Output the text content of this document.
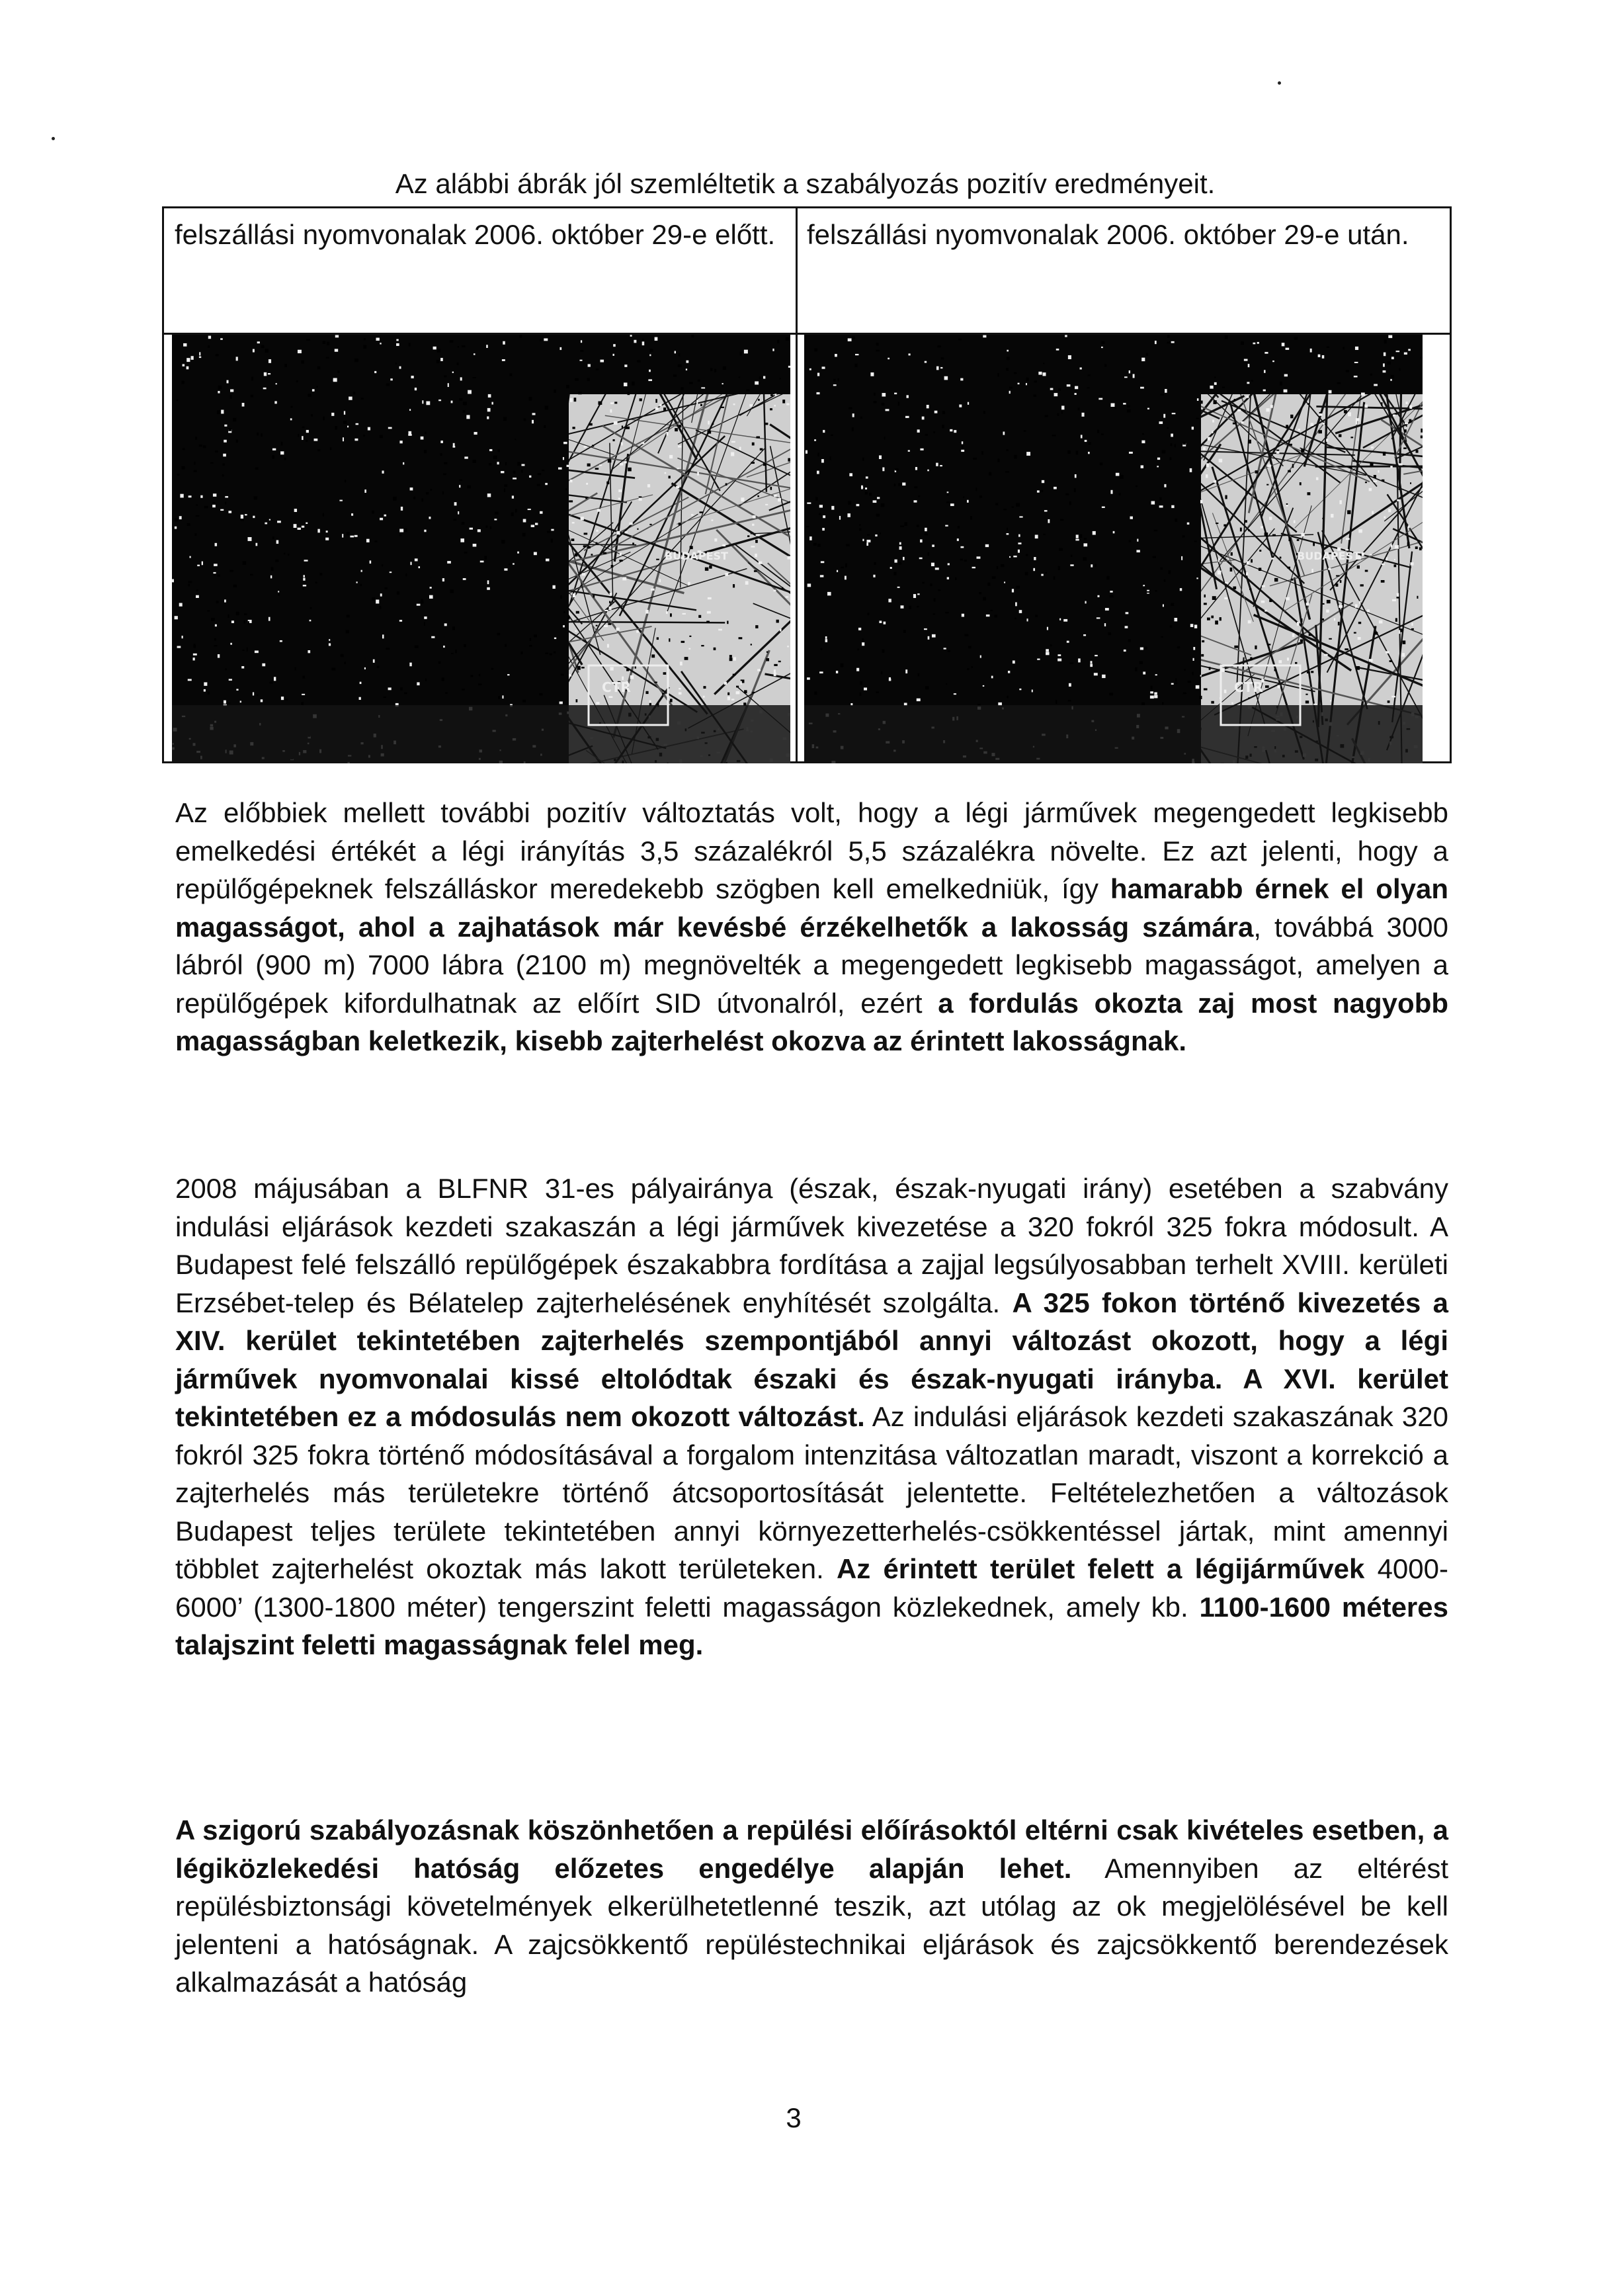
Az alábbi ábrák jól szemléltetik a szabályozás pozitív eredményeit.
felszállási nyomvonalak 2006. október 29-e előtt.	felszállási nyomvonalak 2006. október 29-e után.
CTR
BUDAPEST
CTR
BUDAPEST
Az előbbiek mellett további pozitív változtatás volt, hogy a légi járművek megengedett legkisebb emelkedési értékét a légi irányítás 3,5 százalékról 5,5 százalékra növelte. Ez azt jelenti, hogy a repülőgépeknek felszálláskor meredekebb szögben kell emelkedniük, így hamarabb érnek el olyan magasságot, ahol a zajhatások már kevésbé érzékelhetők a lakosság számára, továbbá 3000 lábról (900 m) 7000 lábra (2100 m) megnövelték a megengedett legkisebb magasságot, amelyen a repülőgépek kifordulhatnak az előírt SID útvonalról, ezért a fordulás okozta zaj most nagyobb magasságban keletkezik, kisebb zajterhelést okozva az érintett lakosságnak.
2008 májusában a BLFNR 31-es pályairánya (észak, észak-nyugati irány) esetében a szabvány indulási eljárások kezdeti szakaszán a légi járművek kivezetése a 320 fokról 325 fokra módosult. A Budapest felé felszálló repülőgépek északabbra fordítása a zajjal legsúlyosabban terhelt XVIII. kerületi Erzsébet-telep és Bélatelep zajterhelésének enyhítését szolgálta. A 325 fokon történő kivezetés a XIV. kerület tekintetében zajterhelés szempontjából annyi változást okozott, hogy a légi járművek nyomvonalai kissé eltolódtak északi és észak-nyugati irányba. A XVI. kerület tekintetében ez a módosulás nem okozott változást. Az indulási eljárások kezdeti szakaszának 320 fokról 325 fokra történő módosításával a forgalom intenzitása változatlan maradt, viszont a korrekció a zajterhelés más területekre történő átcsoportosítását jelentette. Feltételezhetően a változások Budapest teljes területe tekintetében annyi környezetterhelés-csökkentéssel jártak, mint amennyi többlet zajterhelést okoztak más lakott területeken. Az érintett terület felett a légijárművek 4000-6000’ (1300-1800 méter) tengerszint feletti magasságon közlekednek, amely kb. 1100-1600 méteres talajszint feletti magasságnak felel meg.
A szigorú szabályozásnak köszönhetően a repülési előírásoktól eltérni csak kivételes esetben, a légiközlekedési hatóság előzetes engedélye alapján lehet. Amennyiben az eltérést repülésbiztonsági követelmények elkerülhetetlenné teszik, azt utólag az ok megjelölésével be kell jelenteni a hatóságnak. A zajcsökkentő repüléstechnikai eljárások és zajcsökkentő berendezések alkalmazását a hatóság
3
